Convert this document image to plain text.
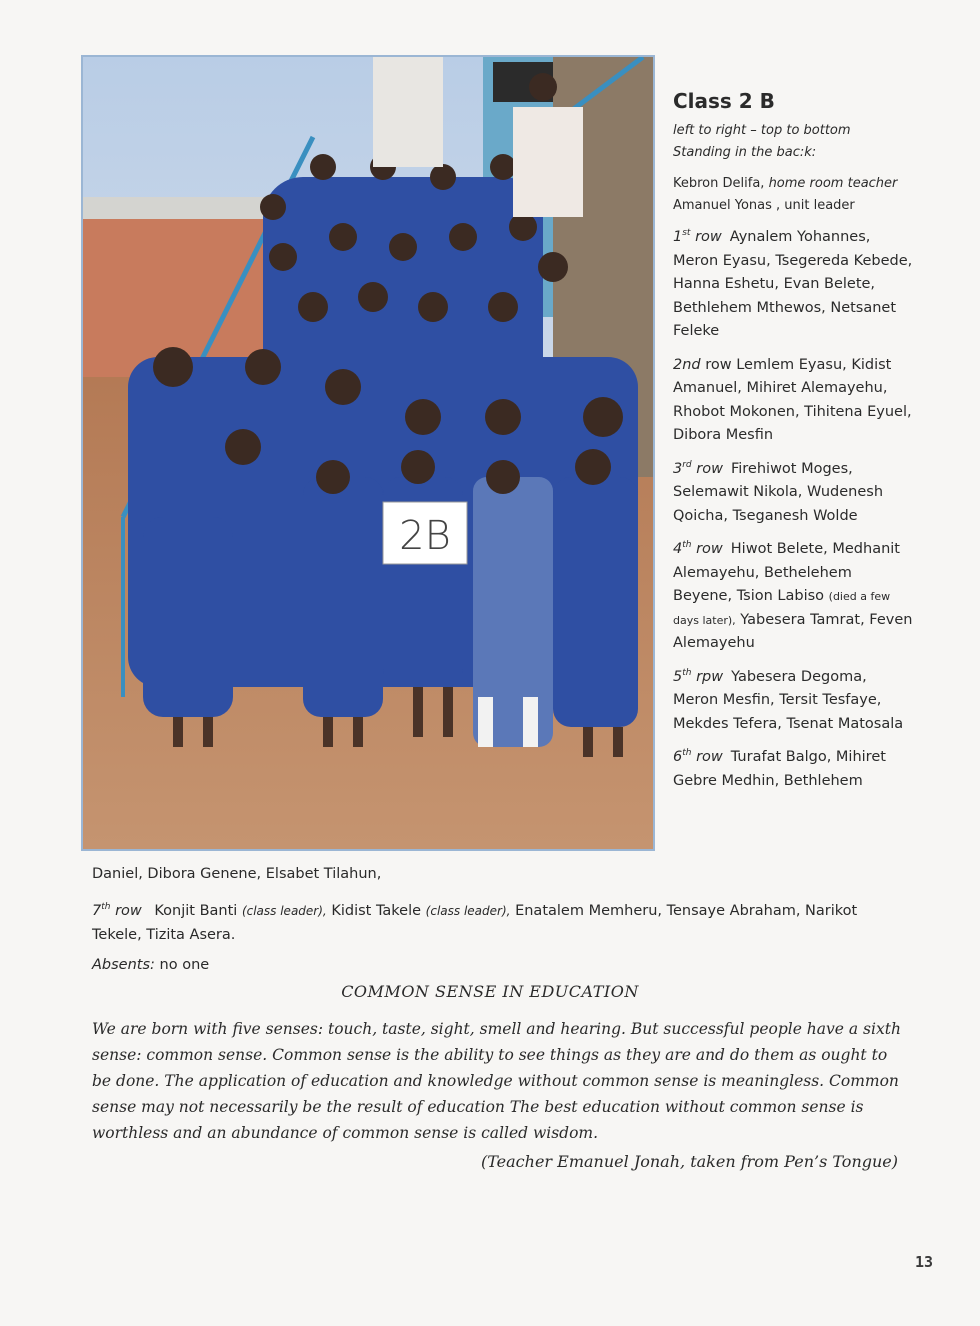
2B
Class 2 B
left to right – top to bottom
Standing in the bac:k:
Kebron Delifa, home room teacher
Amanuel Yonas , unit leader
1st row Aynalem Yohannes, Meron Eyasu, Tsegereda Kebede, Hanna Eshetu, Evan Belete, Bethlehem Mthewos, Netsanet Feleke
2nd row Lemlem Eyasu, Kidist Amanuel, Mihiret Alemayehu, Rhobot Mokonen, Tihitena Eyuel, Dibora Mesfin
3rd row Firehiwot Moges, Selemawit Nikola, Wudenesh Qoicha, Tseganesh Wolde
4th row Hiwot Belete, Medhanit Alemayehu, Bethelehem Beyene, Tsion Labiso (died a few days later), Yabesera Tamrat, Feven Alemayehu
5th rpw Yabesera Degoma, Meron Mesfin, Tersit Tesfaye, Mekdes Tefera, Tsenat Matosala
6th row Turafat Balgo, Mihiret Gebre Medhin, Bethlehem
Daniel, Dibora Genene, Elsabet Tilahun,
7th row Konjit Banti (class leader), Kidist Takele (class leader), Enatalem Memheru, Tensaye Abraham, Narikot Tekele, Tizita Asera.
Absents: no one
COMMON SENSE IN EDUCATION
We are born with five senses: touch, taste, sight, smell and hearing. But successful people have a sixth sense: common sense. Common sense is the ability to see things as they are and do them as ought to be done. The application of education and knowledge without common sense is meaningless. Common sense may not necessarily be the result of education The best education without common sense is worthless and an abundance of common sense is called wisdom.
(Teacher Emanuel Jonah, taken from Pen’s Tongue)
13
